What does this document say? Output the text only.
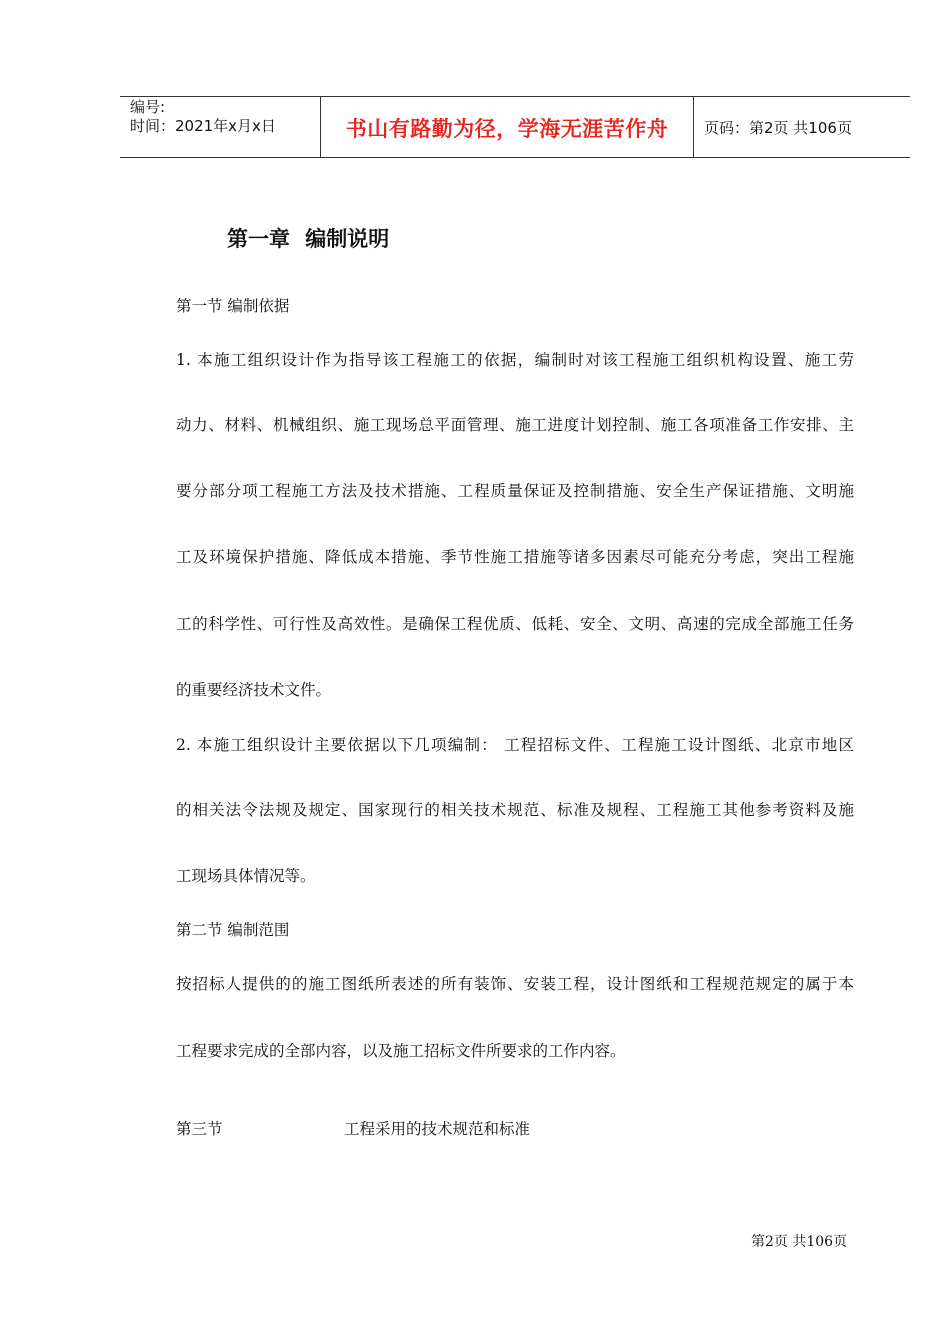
编号:
时间：2021年x月x日	书山有路勤为径，学海无涯苦作舟	页码：第2页 共106页
第一章 编制说明
第一节 编制依据
1. 本施工组织设计作为指导该工程施工的依据，编制时对该工程施工组织机构设置、施工劳
动力、材料、机械组织、施工现场总平面管理、施工进度计划控制、施工各项准备工作安排、主
要分部分项工程施工方法及技术措施、工程质量保证及控制措施、安全生产保证措施、文明施
工及环境保护措施、降低成本措施、季节性施工措施等诸多因素尽可能充分考虑，突出工程施
工的科学性、可行性及高效性。是确保工程优质、低耗、安全、文明、高速的完成全部施工任务
的重要经济技术文件。
2. 本施工组织设计主要依据以下几项编制： 工程招标文件、工程施工设计图纸、北京市地区
的相关法令法规及规定、国家现行的相关技术规范、标准及规程、工程施工其他参考资料及施
工现场具体情况等。
第二节 编制范围
按招标人提供的的施工图纸所表述的所有装饰、安装工程，设计图纸和工程规范规定的属于本
工程要求完成的全部内容，以及施工招标文件所要求的工作内容。
第三节	工程采用的技术规范和标准
第2页 共106页
